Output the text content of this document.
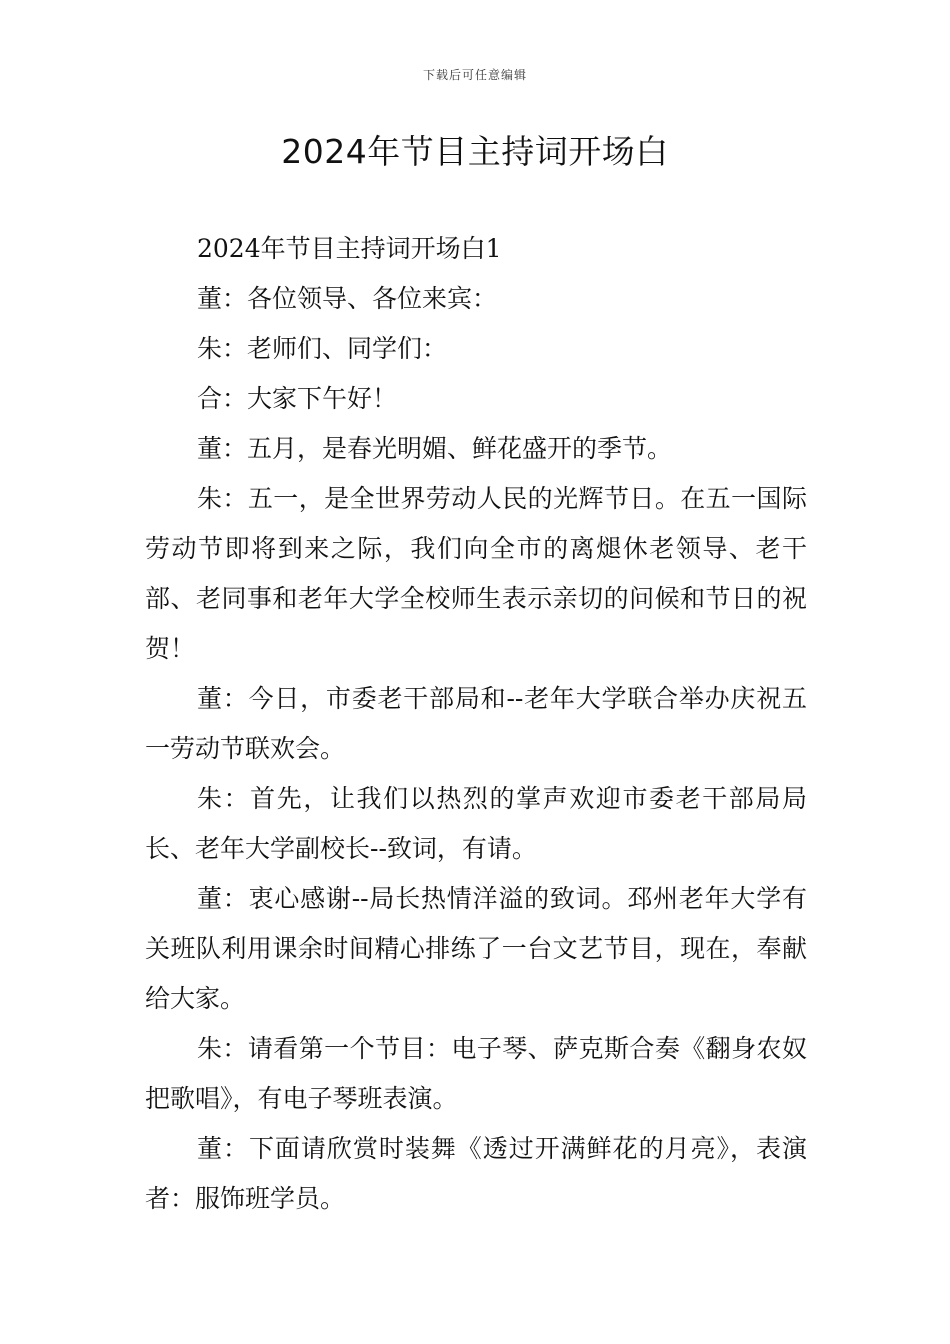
下载后可任意编辑
2024年节目主持词开场白

2024年节目主持词开场白1

董：各位领导、各位来宾：

朱：老师们、同学们：

合：大家下午好！

董：五月，是春光明媚、鲜花盛开的季节。

朱：五一，是全世界劳动人民的光辉节日。在五一国际劳动节即将到来之际，我们向全市的离煺休老领导、老干部、老同事和老年大学全校师生表示亲切的问候和节日的祝贺！

董：今日，市委老干部局和--老年大学联合举办庆祝五一劳动节联欢会。

朱：首先，让我们以热烈的掌声欢迎市委老干部局局长、老年大学副校长--致词，有请。

董：衷心感谢--局长热情洋溢的致词。邳州老年大学有关班队利用课余时间精心排练了一台文艺节目，现在，奉献给大家。

朱：请看第一个节目：电子琴、萨克斯合奏《翻身农奴把歌唱》，有电子琴班表演。

董：下面请欣赏时装舞《透过开满鲜花的月亮》，表演者：服饰班学员。
